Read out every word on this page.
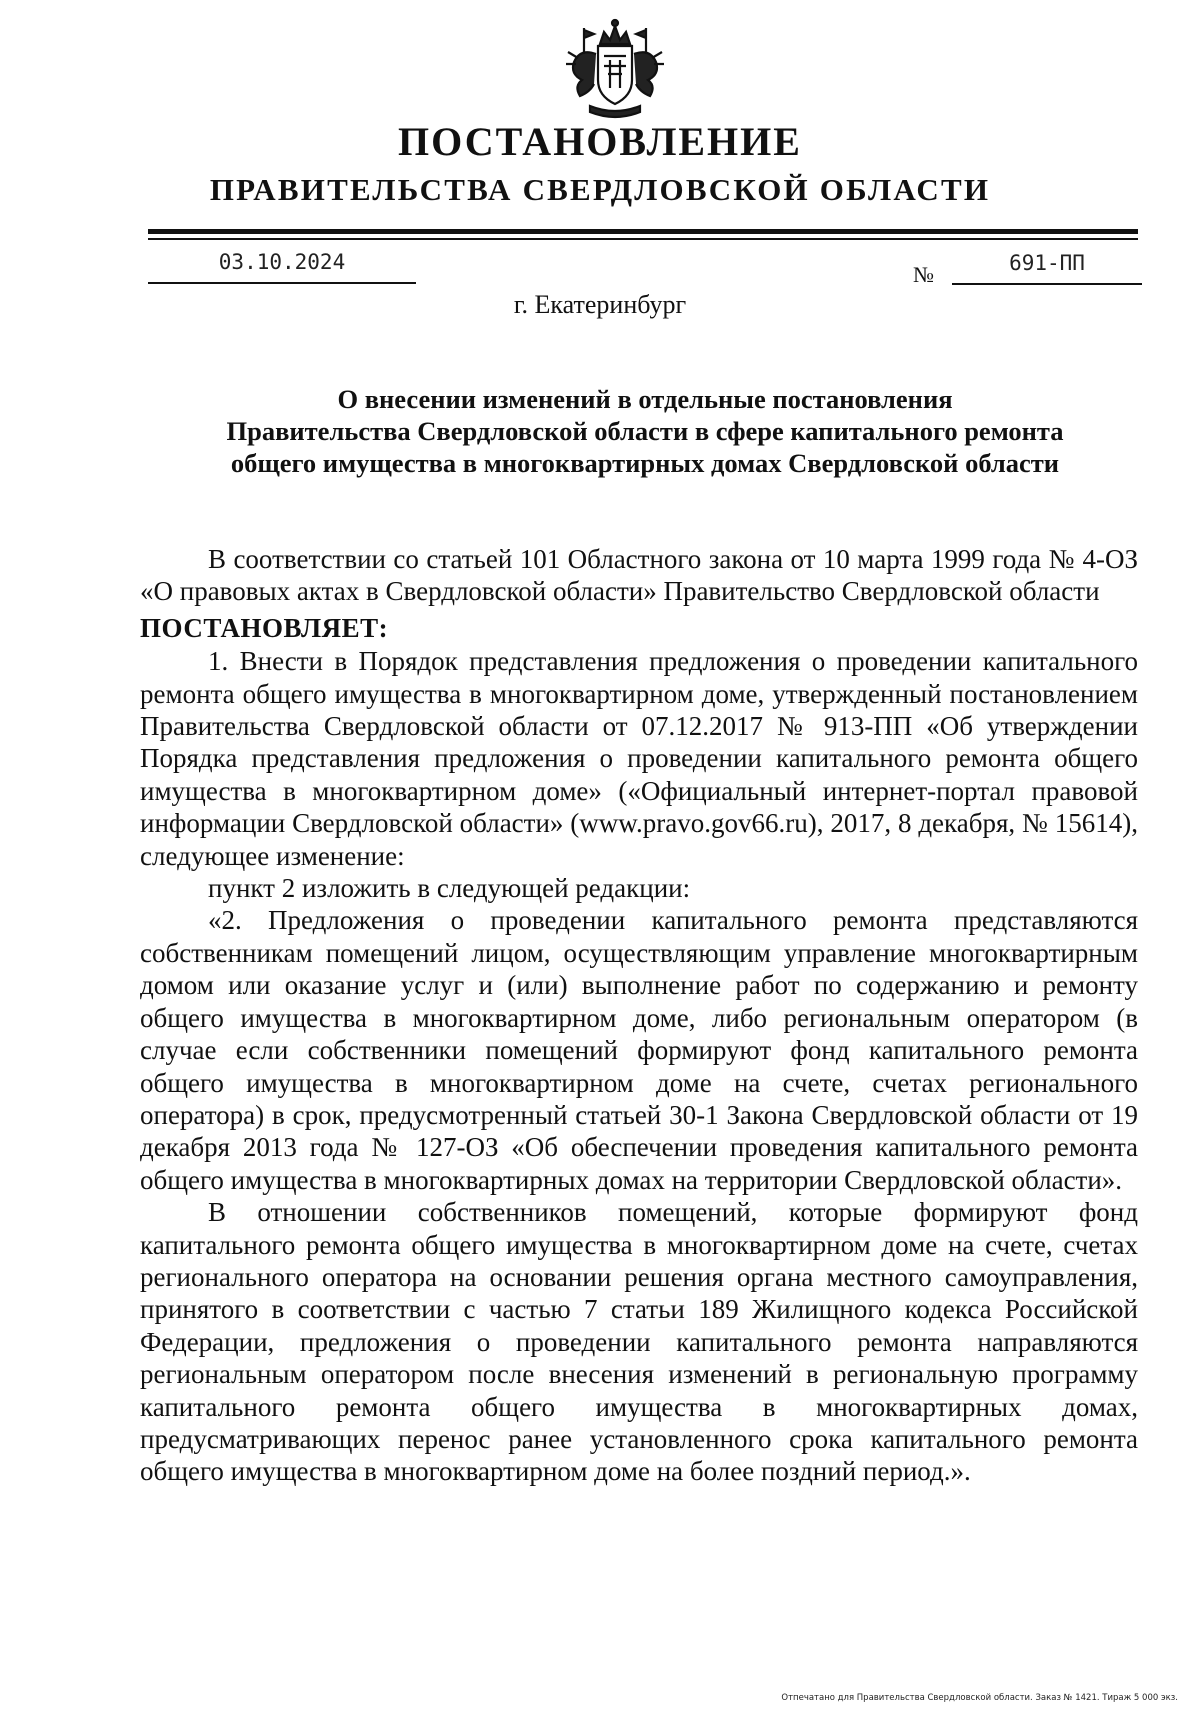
ПОСТАНОВЛЕНИЕ
ПРАВИТЕЛЬСТВА СВЕРДЛОВСКОЙ ОБЛАСТИ
03.10.2024	№	691-ПП
г. Екатеринбург
О внесении изменений в отдельные постановления
Правительства Свердловской области в сфере капитального ремонта
общего имущества в многоквартирных домах Свердловской области

В соответствии со статьей 101 Областного закона от 10 марта 1999 года № 4-ОЗ «О правовых актах в Свердловской области» Правительство Свердловской области

ПОСТАНОВЛЯЕТ:

1. Внести в Порядок представления предложения о проведении капитального ремонта общего имущества в многоквартирном доме, утвержденный постановлением Правительства Свердловской области от 07.12.2017 № 913-ПП «Об утверждении Порядка представления предложения о проведении капитального ремонта общего имущества в многоквартирном доме» («Официальный интернет-портал правовой информации Свердловской области» (www.pravo.gov66.ru), 2017, 8 декабря, № 15614), следующее изменение:

пункт 2 изложить в следующей редакции:

«2. Предложения о проведении капитального ремонта представляются собственникам помещений лицом, осуществляющим управление многоквартирным домом или оказание услуг и (или) выполнение работ по содержанию и ремонту общего имущества в многоквартирном доме, либо региональным оператором (в случае если собственники помещений формируют фонд капитального ремонта общего имущества в многоквартирном доме на счете, счетах регионального оператора) в срок, предусмотренный статьей 30-1 Закона Свердловской области от 19 декабря 2013 года № 127-ОЗ «Об обеспечении проведения капитального ремонта общего имущества в многоквартирных домах на территории Свердловской области».

В отношении собственников помещений, которые формируют фонд капитального ремонта общего имущества в многоквартирном доме на счете, счетах регионального оператора на основании решения органа местного самоуправления, принятого в соответствии с частью 7 статьи 189 Жилищного кодекса Российской Федерации, предложения о проведении капитального ремонта направляются региональным оператором после внесения изменений в региональную программу капитального ремонта общего имущества в многоквартирных домах, предусматривающих перенос ранее установленного срока капитального ремонта общего имущества в многоквартирном доме на более поздний период.».

Отпечатано для Правительства Свердловской области. Заказ № 1421. Тираж 5 000 экз.
